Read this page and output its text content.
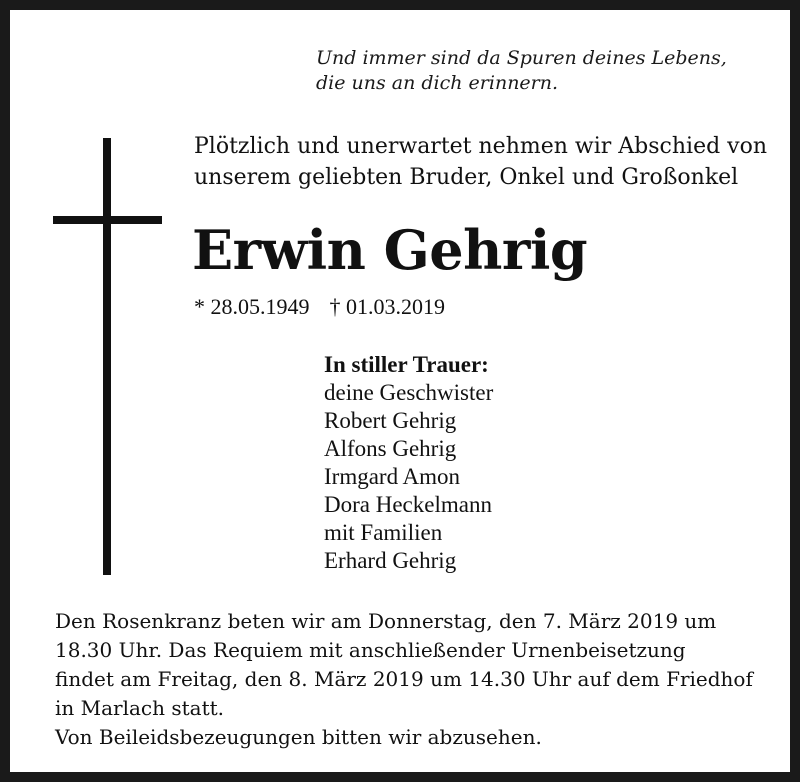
Und immer sind da Spuren deines Lebens,
die uns an dich erinnern.
Plötzlich und unerwartet nehmen wir Abschied von
unserem geliebten Bruder, Onkel und Großonkel
Erwin Gehrig
* 28.05.1949 † 01.03.2019
In stiller Trauer:
deine Geschwister
Robert Gehrig
Alfons Gehrig
Irmgard Amon
Dora Heckelmann
mit Familien
Erhard Gehrig
Den Rosenkranz beten wir am Donnerstag, den 7. März 2019 um
18.30 Uhr. Das Requiem mit anschließender Urnenbeisetzung
findet am Freitag, den 8. März 2019 um 14.30 Uhr auf dem Friedhof
in Marlach statt.
Von Beileidsbezeugungen bitten wir abzusehen.
